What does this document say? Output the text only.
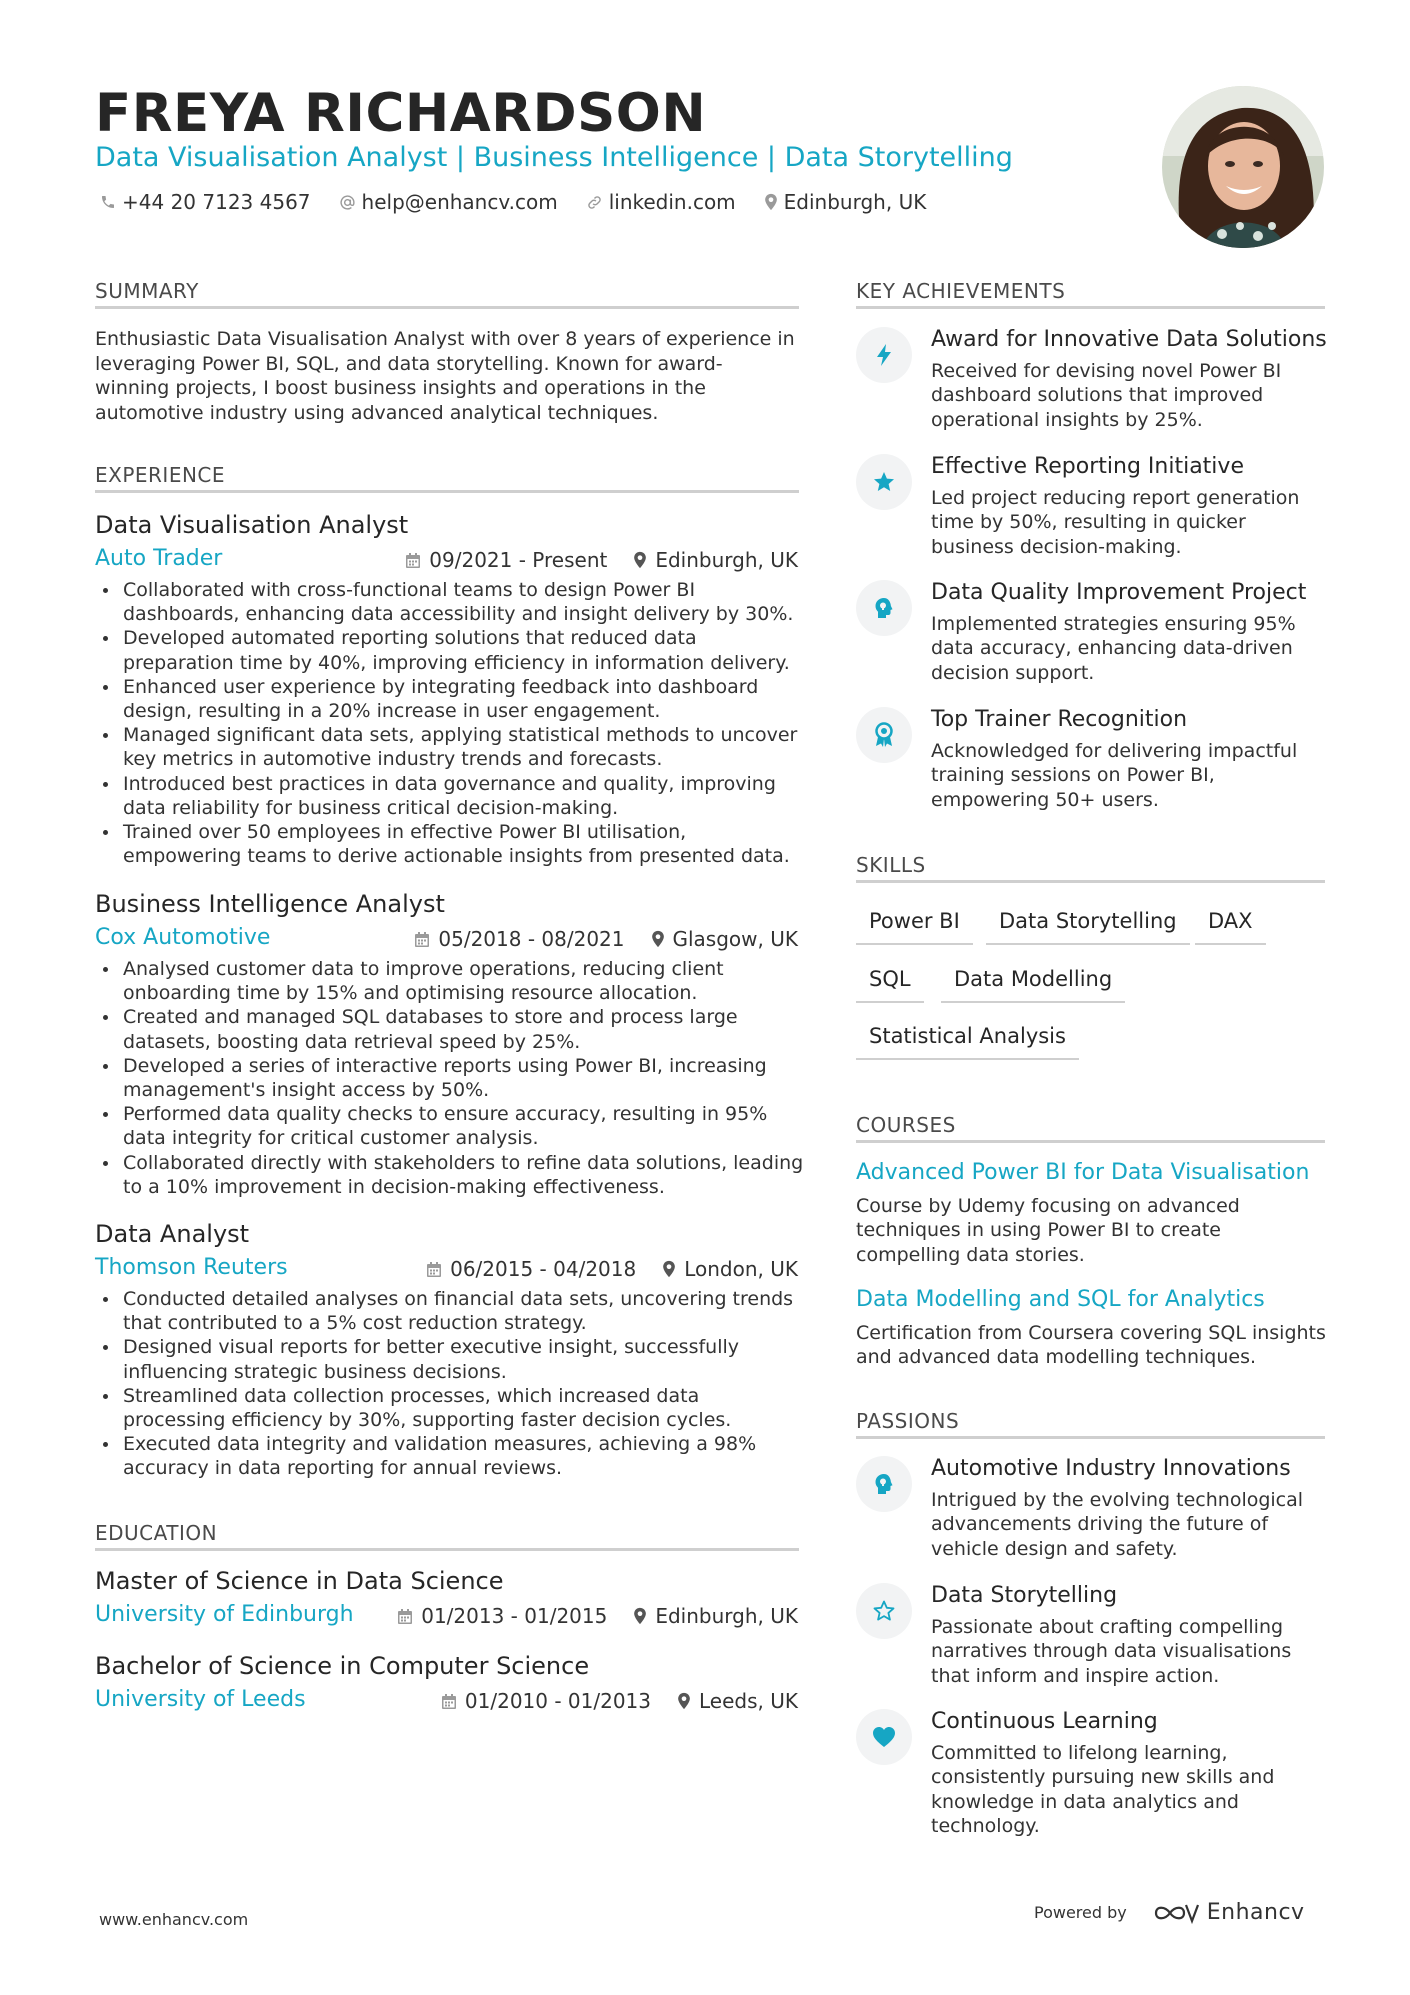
FREYA RICHARDSON
Data Visualisation Analyst | Business Intelligence | Data Storytelling
+44 20 7123 4567	help@enhancv.com	linkedin.com Edinburgh, UK
SUMMARY
Enthusiastic Data Visualisation Analyst with over 8 years of experience in leveraging Power BI, SQL, and data storytelling. Known for award-winning projects, I boost business insights and operations in the automotive industry using advanced analytical techniques.
EXPERIENCE
Data Visualisation Analyst
Auto Trader	09/2021 - Present Edinburgh, UK
Collaborated with cross-functional teams to design Power BI dashboards, enhancing data accessibility and insight delivery by 30%.
Developed automated reporting solutions that reduced data preparation time by 40%, improving efficiency in information delivery.
Enhanced user experience by integrating feedback into dashboard design, resulting in a 20% increase in user engagement.
Managed significant data sets, applying statistical methods to uncover key metrics in automotive industry trends and forecasts.
Introduced best practices in data governance and quality, improving data reliability for business critical decision-making.
Trained over 50 employees in effective Power BI utilisation, empowering teams to derive actionable insights from presented data.
Business Intelligence Analyst
Cox Automotive	05/2018 - 08/2021 Glasgow, UK
Analysed customer data to improve operations, reducing client onboarding time by 15% and optimising resource allocation.
Created and managed SQL databases to store and process large datasets, boosting data retrieval speed by 25%.
Developed a series of interactive reports using Power BI, increasing management's insight access by 50%.
Performed data quality checks to ensure accuracy, resulting in 95% data integrity for critical customer analysis.
Collaborated directly with stakeholders to refine data solutions, leading to a 10% improvement in decision-making effectiveness.
Data Analyst
Thomson Reuters	06/2015 - 04/2018 London, UK
Conducted detailed analyses on financial data sets, uncovering trends that contributed to a 5% cost reduction strategy.
Designed visual reports for better executive insight, successfully influencing strategic business decisions.
Streamlined data collection processes, which increased data processing efficiency by 30%, supporting faster decision cycles.
Executed data integrity and validation measures, achieving a 98% accuracy in data reporting for annual reviews.
EDUCATION
Master of Science in Data Science
University of Edinburgh	01/2013 - 01/2015 Edinburgh, UK
Bachelor of Science in Computer Science
University of Leeds	01/2010 - 01/2013 Leeds, UK
KEY ACHIEVEMENTS
Award for Innovative Data Solutions
Received for devising novel Power BI dashboard solutions that improved operational insights by 25%.
Effective Reporting Initiative
Led project reducing report generation time by 50%, resulting in quicker business decision-making.
Data Quality Improvement Project
Implemented strategies ensuring 95% data accuracy, enhancing data-driven decision support.
Top Trainer Recognition
Acknowledged for delivering impactful training sessions on Power BI, empowering 50+ users.
SKILLS
Power BI	Data Storytelling	DAX
SQL	Data Modelling
Statistical Analysis
COURSES
Advanced Power BI for Data Visualisation
Course by Udemy focusing on advanced techniques in using Power BI to create compelling data stories.
Data Modelling and SQL for Analytics
Certification from Coursera covering SQL insights and advanced data modelling techniques.
PASSIONS
Automotive Industry Innovations
Intrigued by the evolving technological advancements driving the future of vehicle design and safety.
Data Storytelling
Passionate about crafting compelling narratives through data visualisations that inform and inspire action.
Continuous Learning
Committed to lifelong learning, consistently pursuing new skills and knowledge in data analytics and technology.
www.enhancv.com	Powered by	Enhancv
